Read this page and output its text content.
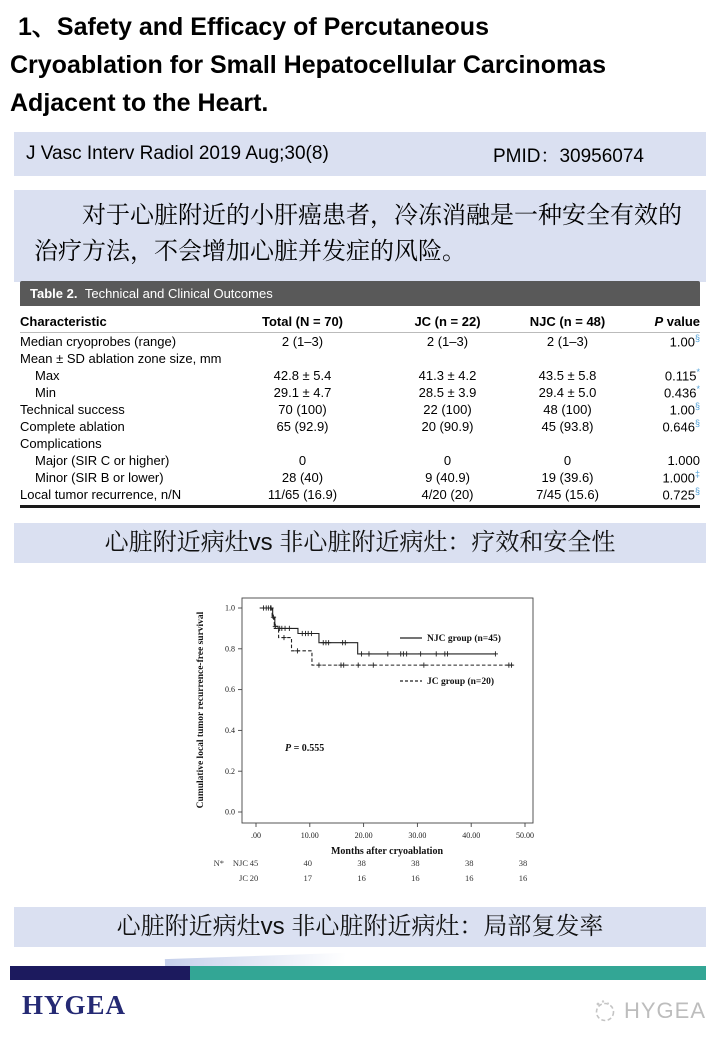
1、Safety and Efficacy of Percutaneous
Cryoablation for Small Hepatocellular Carcinomas
Adjacent to the Heart.
J Vasc Interv Radiol 2019 Aug;30(8)	PMID：30956074

对于心脏附近的小肝癌患者，冷冻消融是一种安全有效的治疗方法，不会增加心脏并发症的风险。

Table 2. Technical and Clinical Outcomes
Characteristic	Total (N = 70)	JC (n = 22)	NJC (n = 48)	P value
Median cryoprobes (range)	2 (1–3)	2 (1–3)	2 (1–3)	1.00§
Mean ± SD ablation zone size, mm
Max	42.8 ± 5.4	41.3 ± 4.2	43.5 ± 5.8	0.115*
Min	29.1 ± 4.7	28.5 ± 3.9	29.4 ± 5.0	0.436*
Technical success	70 (100)	22 (100)	48 (100)	1.00§
Complete ablation	65 (92.9)	20 (90.9)	45 (93.8)	0.646§
Complications
Major (SIR C or higher)	0	0	0	1.000
Minor (SIR B or lower)	28 (40)	9 (40.9)	19 (39.6)	1.000‡
Local tumor recurrence, n/N	11/65 (16.9)	4/20 (20)	7/45 (15.6)	0.725§
心脏附近病灶vs 非心脏附近病灶：疗效和安全性
0.0
0.2
0.4
0.6
0.8
1.0
Cumulative local tumor recurrence-free survival
.00	10.00	20.00	30.00	40.00	50.00
Months after cryoablation
NJC group (n=45)
JC group (n=20)
P = 0.555
N* NJC 45	40	38	38	38	38
JC 20	17	16	16	16	16
心脏附近病灶vs 非心脏附近病灶：局部复发率
HYGEA	HYGEA
